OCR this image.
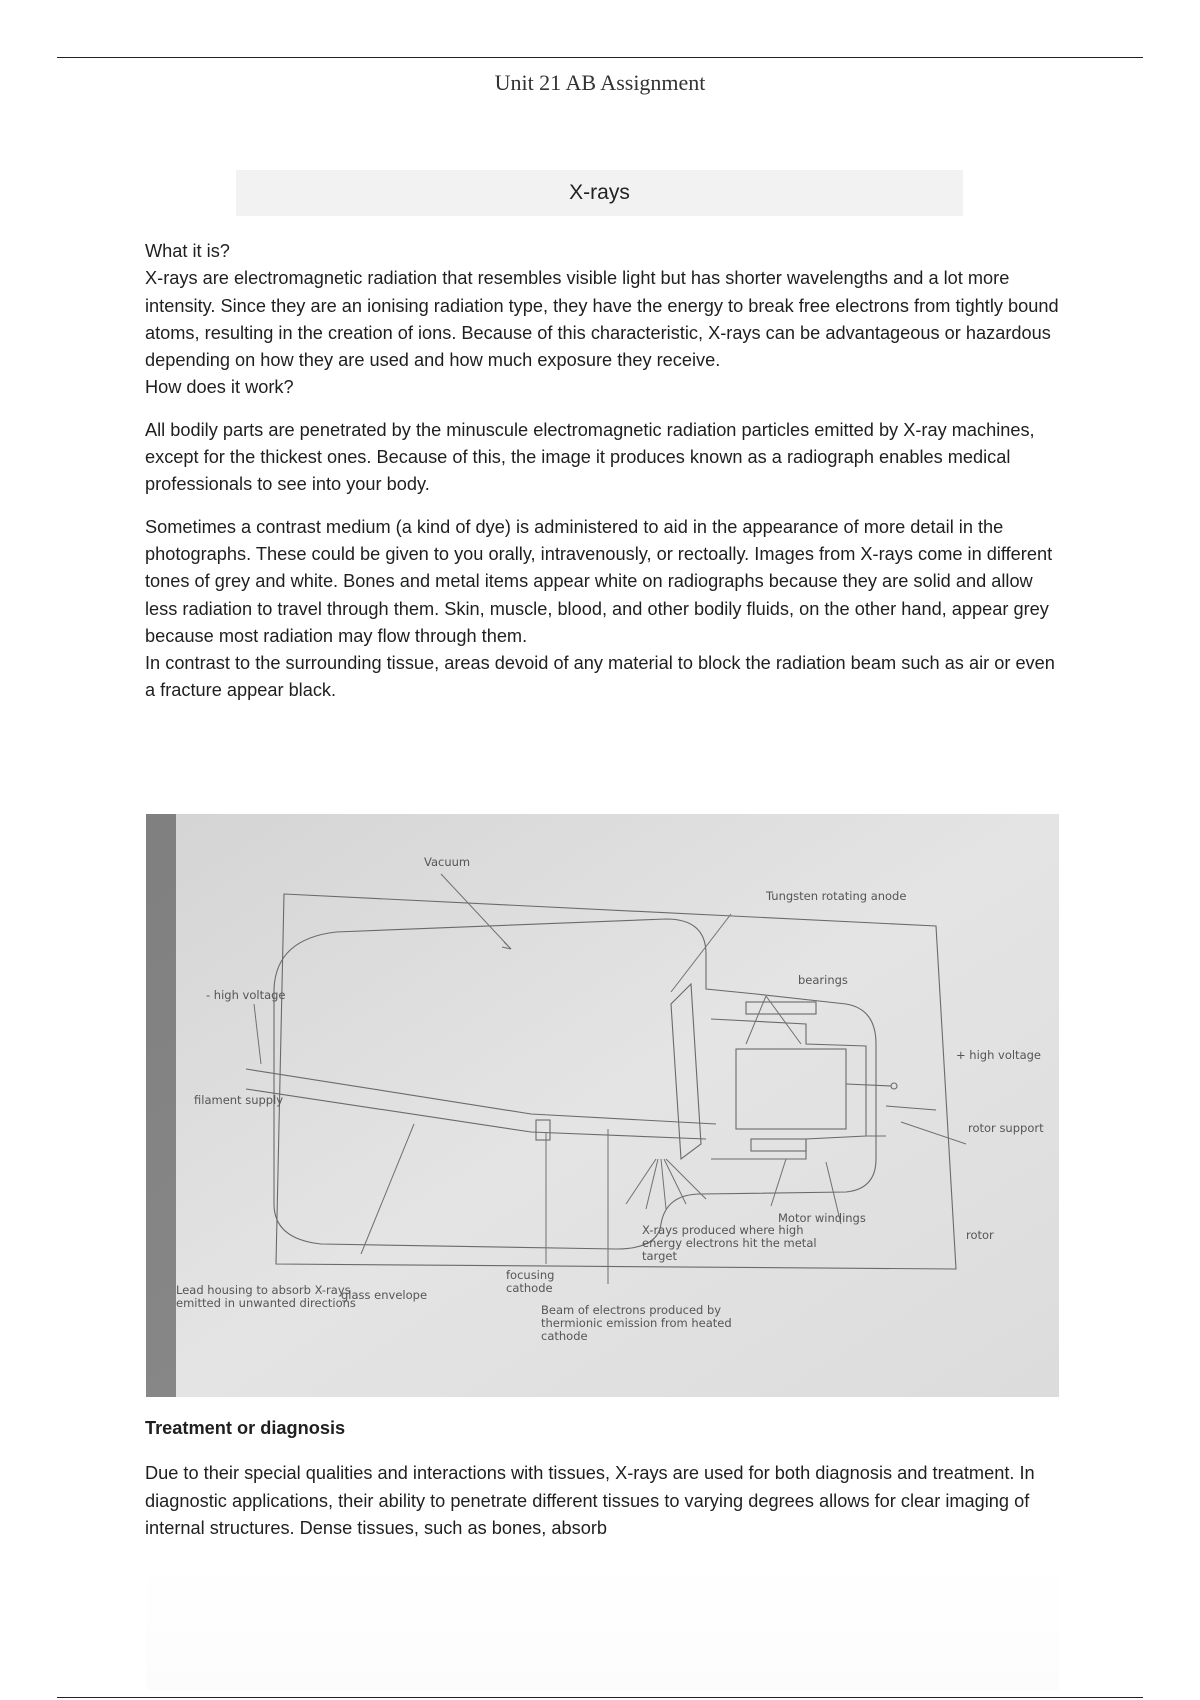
Unit 21 AB Assignment
X-rays

What it is?

X-rays are electromagnetic radiation that resembles visible light but has shorter wavelengths and a lot more intensity. Since they are an ionising radiation type, they have the energy to break free electrons from tightly bound atoms, resulting in the creation of ions. Because of this characteristic, X-rays can be advantageous or hazardous depending on how they are used and how much exposure they receive.

How does it work?

All bodily parts are penetrated by the minuscule electromagnetic radiation particles emitted by X-ray machines, except for the thickest ones. Because of this, the image it produces known as a radiograph enables medical professionals to see into your body.

Sometimes a contrast medium (a kind of dye) is administered to aid in the appearance of more detail in the photographs. These could be given to you orally, intravenously, or rectoally. Images from X-rays come in different tones of grey and white. Bones and metal items appear white on radiographs because they are solid and allow less radiation to travel through them. Skin, muscle, blood, and other bodily fluids, on the other hand, appear grey because most radiation may flow through them.

In contrast to the surrounding tissue, areas devoid of any material to block the radiation beam such as air or even a fracture appear black.

Vacuum
Tungsten rotating anode
bearings
- high voltage
filament supply
+ high voltage
rotor support
rotor
Motor windings
X-rays produced where high energy electrons hit the metal target
focusing cathode
Beam of electrons produced by thermionic emission from heated cathode
Lead housing to absorb X-rays emitted in unwanted directions
glass envelope
Treatment or diagnosis

Due to their special qualities and interactions with tissues, X-rays are used for both diagnosis and treatment. In diagnostic applications, their ability to penetrate different tissues to varying degrees allows for clear imaging of internal structures. Dense tissues, such as bones, absorb
